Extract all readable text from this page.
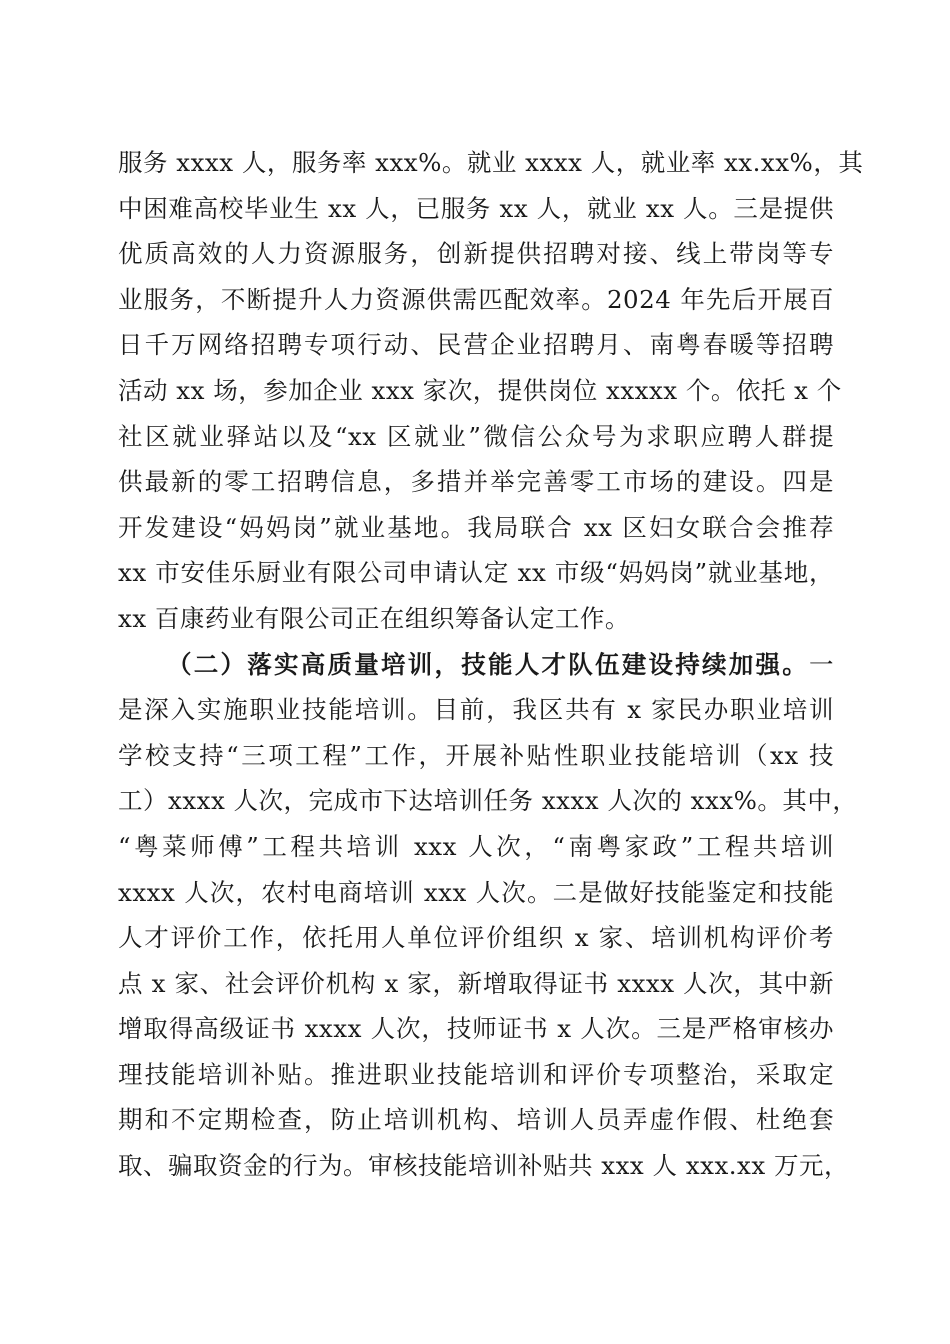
服务 xxxx 人，服务率 xxx%。就业 xxxx 人，就业率 xx.xx%，其
中困难高校毕业生 xx 人，已服务 xx 人，就业 xx 人。三是提供
优质高效的人力资源服务，创新提供招聘对接、线上带岗等专
业服务，不断提升人力资源供需匹配效率。2024 年先后开展百
日千万网络招聘专项行动、民营企业招聘月、南粤春暖等招聘
活动 xx 场，参加企业 xxx 家次，提供岗位 xxxxx 个。依托 x 个
社区就业驿站以及“xx 区就业”微信公众号为求职应聘人群提
供最新的零工招聘信息，多措并举完善零工市场的建设。四是
开发建设“妈妈岗”就业基地。我局联合 xx 区妇女联合会推荐
xx 市安佳乐厨业有限公司申请认定 xx 市级“妈妈岗”就业基地，
xx 百康药业有限公司正在组织筹备认定工作。
（二）落实高质量培训，技能人才队伍建设持续加强。一
是深入实施职业技能培训。目前，我区共有 x 家民办职业培训
学校支持“三项工程”工作，开展补贴性职业技能培训（xx 技
工）xxxx 人次，完成市下达培训任务 xxxx 人次的 xxx%。其中，
“粤菜师傅”工程共培训 xxx 人次，“南粤家政”工程共培训
xxxx 人次，农村电商培训 xxx 人次。二是做好技能鉴定和技能
人才评价工作，依托用人单位评价组织 x 家、培训机构评价考
点 x 家、社会评价机构 x 家，新增取得证书 xxxx 人次，其中新
增取得高级证书 xxxx 人次，技师证书 x 人次。三是严格审核办
理技能培训补贴。推进职业技能培训和评价专项整治，采取定
期和不定期检查，防止培训机构、培训人员弄虚作假、杜绝套
取、骗取资金的行为。审核技能培训补贴共 xxx 人 xxx.xx 万元，
